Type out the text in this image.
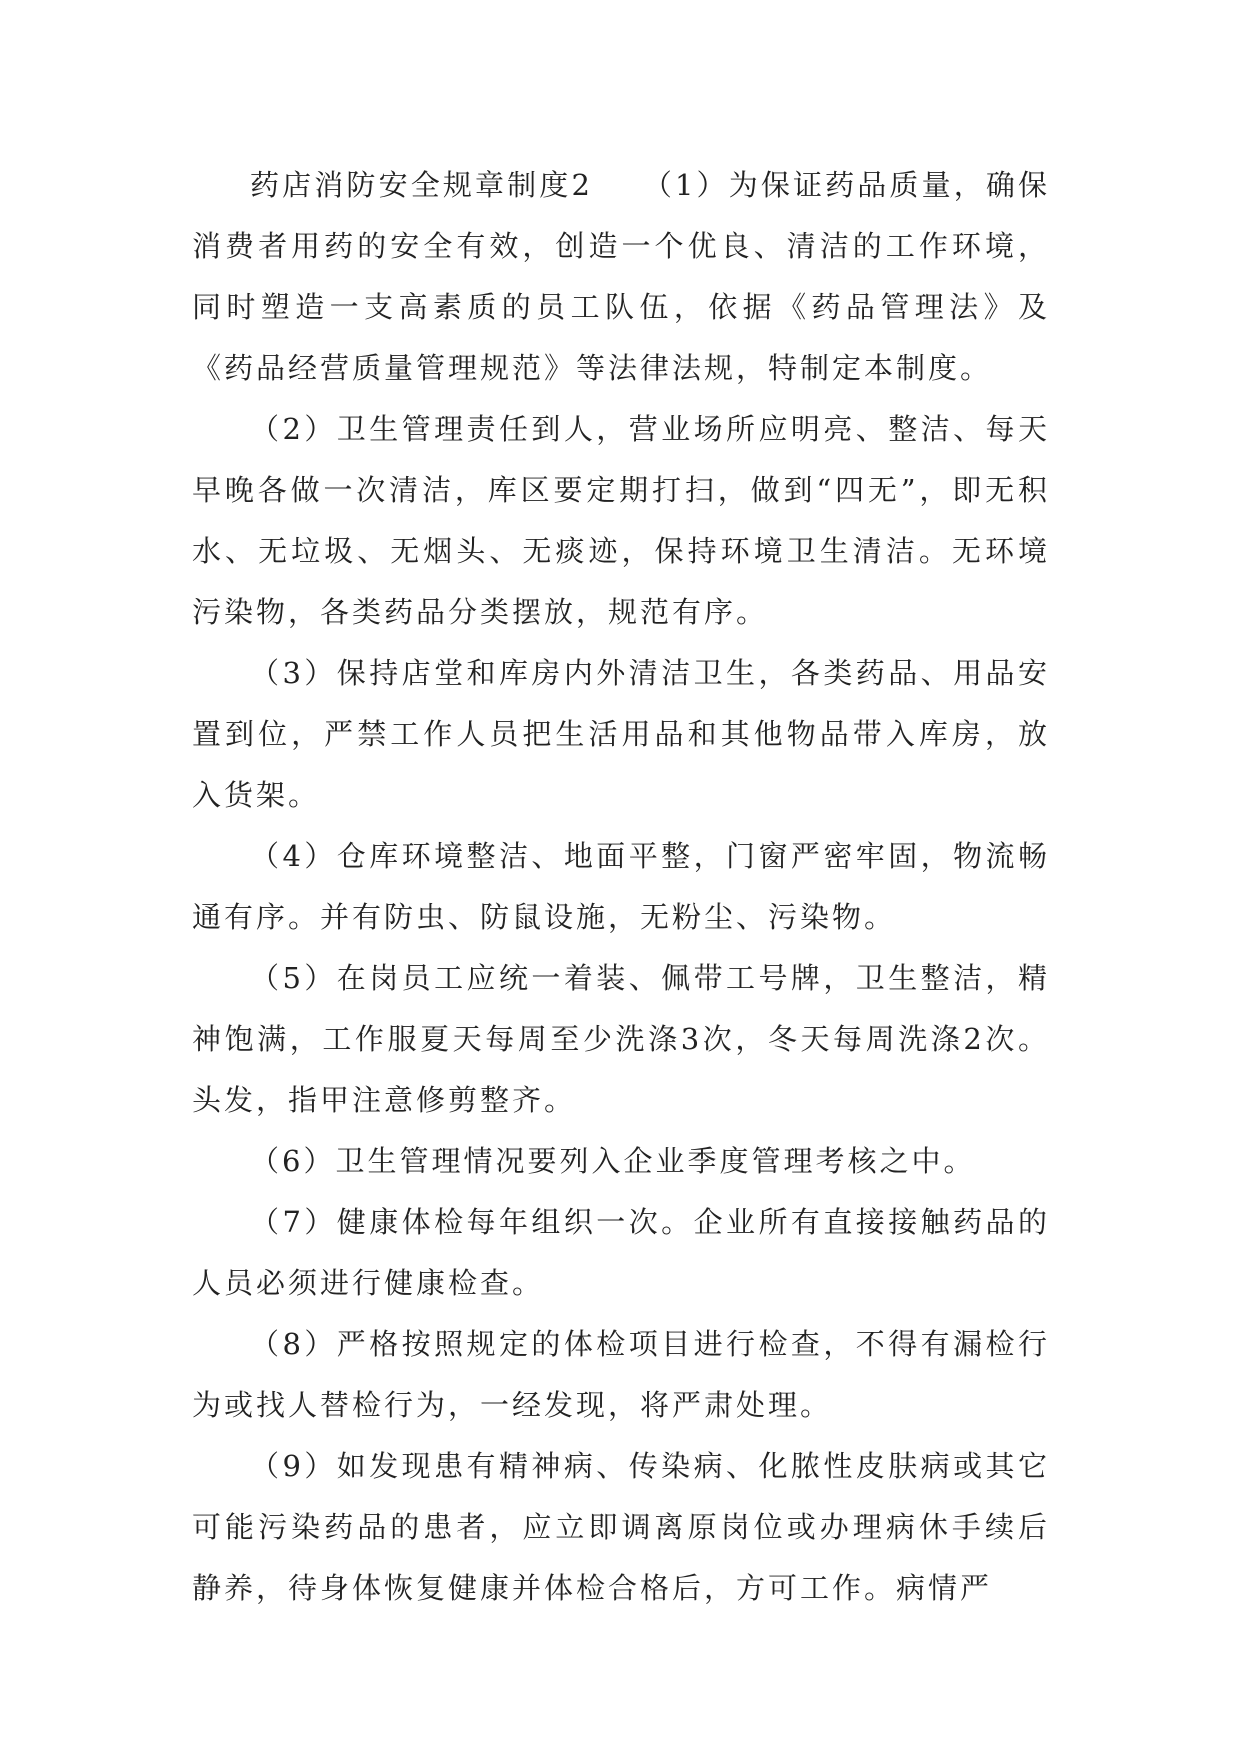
药店消防安全规章制度2　　（1）为保证药品质量，确保消费者用药的安全有效，创造一个优良、清洁的工作环境，同时塑造一支高素质的员工队伍，依据《药品管理法》及《药品经营质量管理规范》等法律法规，特制定本制度。

（2）卫生管理责任到人，营业场所应明亮、整洁、每天早晚各做一次清洁，库区要定期打扫，做到“四无”，即无积水、无垃圾、无烟头、无痰迹，保持环境卫生清洁。无环境污染物，各类药品分类摆放，规范有序。

（3）保持店堂和库房内外清洁卫生，各类药品、用品安置到位，严禁工作人员把生活用品和其他物品带入库房，放入货架。

（4）仓库环境整洁、地面平整，门窗严密牢固，物流畅通有序。并有防虫、防鼠设施，无粉尘、污染物。

（5）在岗员工应统一着装、佩带工号牌，卫生整洁，精神饱满，工作服夏天每周至少洗涤3次，冬天每周洗涤2次。头发，指甲注意修剪整齐。

（6）卫生管理情况要列入企业季度管理考核之中。

（7）健康体检每年组织一次。企业所有直接接触药品的人员必须进行健康检查。

（8）严格按照规定的体检项目进行检查，不得有漏检行为或找人替检行为，一经发现，将严肃处理。

（9）如发现患有精神病、传染病、化脓性皮肤病或其它可能污染药品的患者，应立即调离原岗位或办理病休手续后静养，待身体恢复健康并体检合格后，方可工作。病情严
